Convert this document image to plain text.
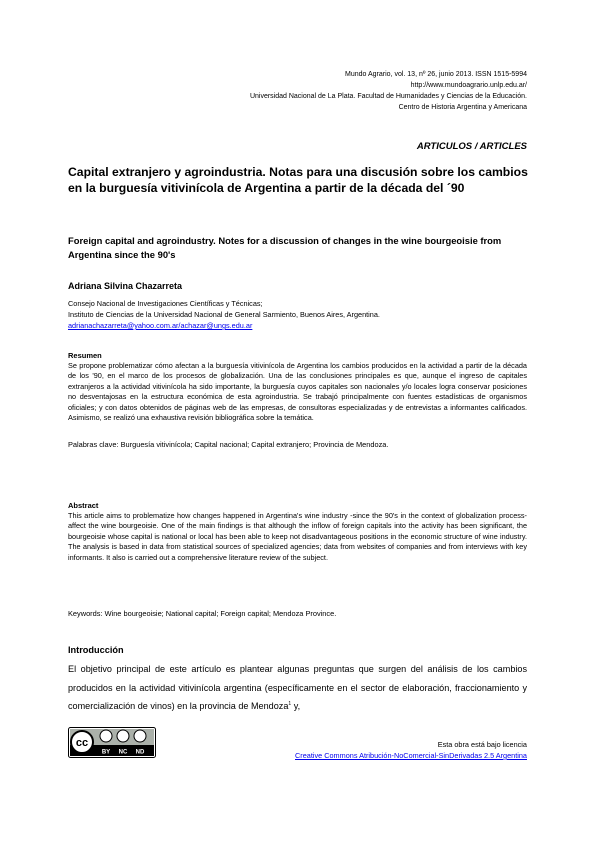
Mundo Agrario, vol. 13, nº 26, junio 2013. ISSN 1515-5994
http://www.mundoagrario.unlp.edu.ar/
Universidad Nacional de La Plata. Facultad de Humanidades y Ciencias de la Educación.
Centro de Historia Argentina y Americana
ARTICULOS / ARTICLES
Capital extranjero y agroindustria. Notas para una discusión sobre los cambios en la burguesía vitivinícola de Argentina a partir de la década del ´90
Foreign capital and agroindustry. Notes for a discussion of changes in the wine bourgeoisie from Argentina since the 90's
Adriana Silvina Chazarreta
Consejo Nacional de Investigaciones Científicas y Técnicas;
Instituto de Ciencias de la Universidad Nacional de General Sarmiento, Buenos Aires, Argentina.
adrianachazarreta@yahoo.com.ar/achazar@ungs.edu.ar
Resumen
Se propone problematizar cómo afectan a la burguesía vitivinícola de Argentina los cambios producidos en la actividad a partir de la década de los '90, en el marco de los procesos de globalización. Una de las conclusiones principales es que, aunque el ingreso de capitales extranjeros a la actividad vitivinícola ha sido importante, la burguesía cuyos capitales son nacionales y/o locales logra conservar posiciones no desventajosas en la estructura económica de esta agroindustria. Se trabajó principalmente con fuentes estadísticas de organismos oficiales; y con datos obtenidos de páginas web de las empresas, de consultoras especializadas y de entrevistas a informantes calificados. Asimismo, se realizó una exhaustiva revisión bibliográfica sobre la temática.
Palabras clave: Burguesía vitivinícola; Capital nacional; Capital extranjero; Provincia de Mendoza.
Abstract
This article aims to problematize how changes happened in Argentina's wine industry -since the 90's in the context of globalization process- affect the wine bourgeoisie. One of the main findings is that although the inflow of foreign capitals into the activity has been significant, the bourgeoisie whose capital is national or local has been able to keep not disadvantageous positions in the economic structure of wine industry. The analysis is based in data from statistical sources of specialized agencies; data from websites of companies and from interviews with key informants. It also is carried out a comprehensive literature review of the subject.
Keywords: Wine bourgeoisie; National capital; Foreign capital; Mendoza Province.
Introducción
El objetivo principal de este artículo es plantear algunas preguntas que surgen del análisis de los cambios producidos en la actividad vitivinícola argentina (específicamente en el sector de elaboración, fraccionamiento y comercialización de vinos) en la provincia de Mendoza$^1$ y,
cc
BY NC ND
Esta obra está bajo licencia
Creative Commons Atribución-NoComercial-SinDerivadas 2.5 Argentina
